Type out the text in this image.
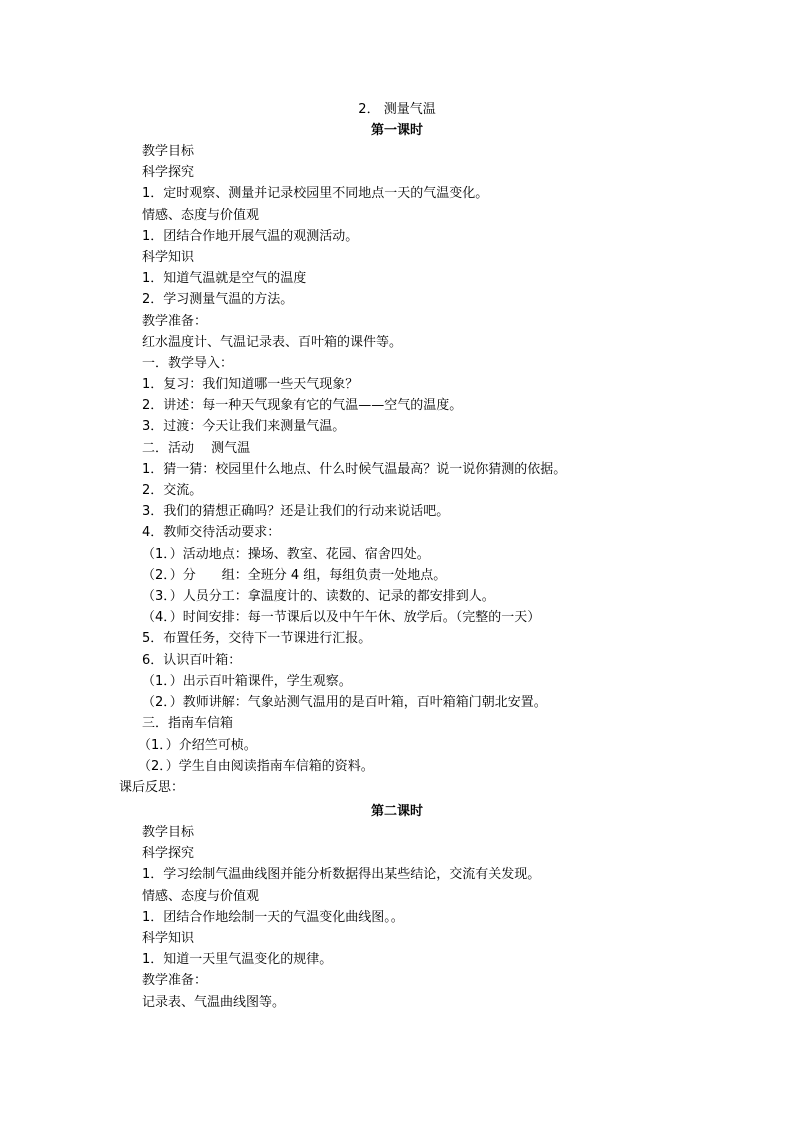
2． 测量气温
第一课时
教学目标
科学探究
1．定时观察、测量并记录校园里不同地点一天的气温变化。
情感、态度与价值观
1．团结合作地开展气温的观测活动。
科学知识
1．知道气温就是空气的温度
2．学习测量气温的方法。
教学准备：
红水温度计、气温记录表、百叶箱的课件等。
一．教学导入：
1．复习：我们知道哪一些天气现象？
2．讲述：每一种天气现象有它的气温——空气的温度。
3．过渡：今天让我们来测量气温。
二．活动　 测气温
1．猜一猜：校园里什么地点、什么时候气温最高？说一说你猜测的依据。
2．交流。
3．我们的猜想正确吗？还是让我们的行动来说话吧。
4．教师交待活动要求：
（1．）活动地点：操场、教室、花园、宿舍四处。
（2．）分　　组：全班分 4 组，每组负责一处地点。
（3．）人员分工：拿温度计的、读数的、记录的都安排到人。
（4．）时间安排：每一节课后以及中午午休、放学后。（完整的一天）
5．布置任务，交待下一节课进行汇报。
6．认识百叶箱：
（1．）出示百叶箱课件，学生观察。
（2．）教师讲解：气象站测气温用的是百叶箱，百叶箱箱门朝北安置。
三．指南车信箱
（1．）介绍竺可桢。
（2．）学生自由阅读指南车信箱的资料。
课后反思：
第二课时
教学目标
科学探究
1．学习绘制气温曲线图并能分析数据得出某些结论，交流有关发现。
情感、态度与价值观
1．团结合作地绘制一天的气温变化曲线图。。
科学知识
1．知道一天里气温变化的规律。
教学准备：
记录表、气温曲线图等。
